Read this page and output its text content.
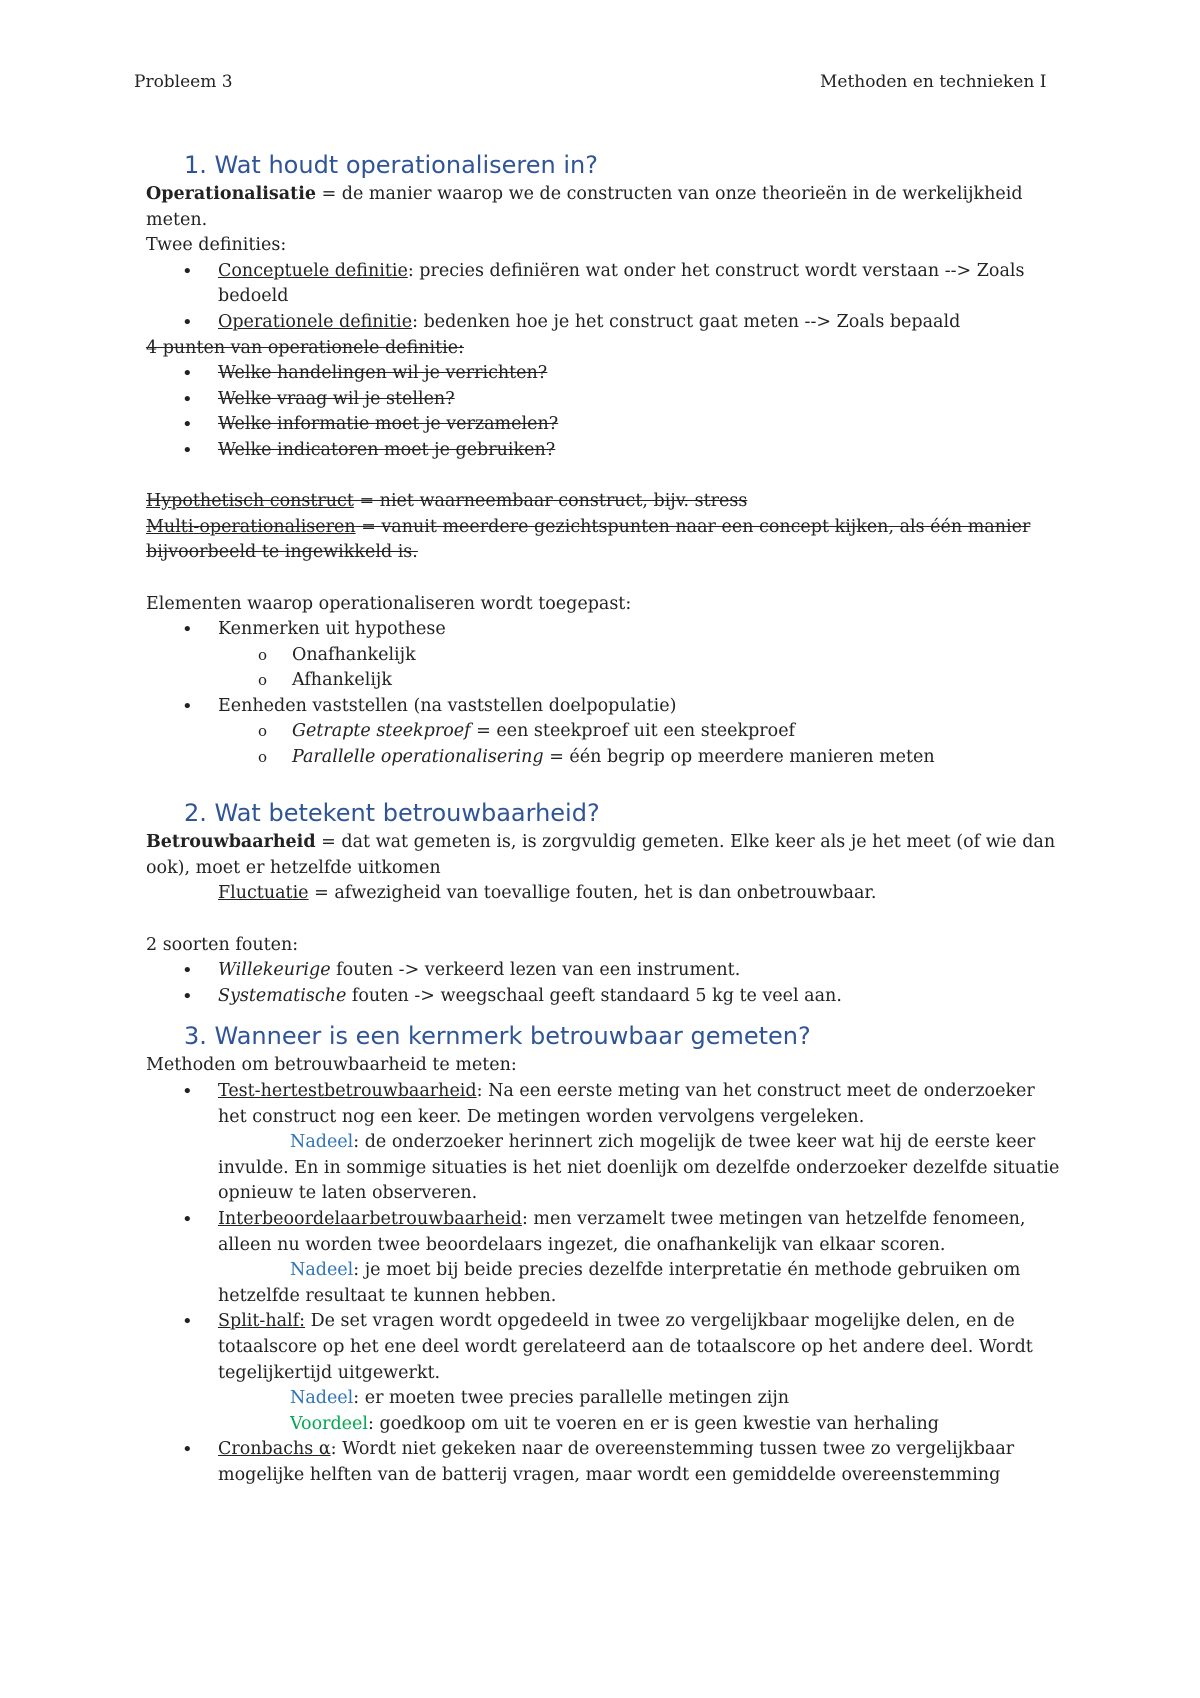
Probleem 3	Methoden en technieken I
1. Wat houdt operationaliseren in?

Operationalisatie = de manier waarop we de constructen van onze theorieën in de werkelijkheid meten.

Twee definities:

• Conceptuele definitie: precies definiëren wat onder het construct wordt verstaan --> Zoals bedoeld
• Operationele definitie: bedenken hoe je het construct gaat meten --> Zoals bepaald

4 punten van operationele definitie:

• Welke handelingen wil je verrichten?
• Welke vraag wil je stellen?
• Welke informatie moet je verzamelen?
• Welke indicatoren moet je gebruiken?

Hypothetisch construct = niet waarneembaar construct, bijv. stress

Multi-operationaliseren = vanuit meerdere gezichtspunten naar een concept kijken, als één manier bijvoorbeeld te ingewikkeld is.

Elementen waarop operationaliseren wordt toegepast:

• Kenmerken uit hypothese
o Onafhankelijk
o Afhankelijk
• Eenheden vaststellen (na vaststellen doelpopulatie)
o Getrapte steekproef = een steekproef uit een steekproef
o Parallelle operationalisering = één begrip op meerdere manieren meten
2. Wat betekent betrouwbaarheid?

Betrouwbaarheid = dat wat gemeten is, is zorgvuldig gemeten. Elke keer als je het meet (of wie dan ook), moet er hetzelfde uitkomen

Fluctuatie = afwezigheid van toevallige fouten, het is dan onbetrouwbaar.

2 soorten fouten:

• Willekeurige fouten -> verkeerd lezen van een instrument.
• Systematische fouten -> weegschaal geeft standaard 5 kg te veel aan.
3. Wanneer is een kernmerk betrouwbaar gemeten?

Methoden om betrouwbaarheid te meten:

• Test-hertestbetrouwbaarheid: Na een eerste meting van het construct meet de onderzoeker het construct nog een keer. De metingen worden vervolgens vergeleken.
Nadeel: de onderzoeker herinnert zich mogelijk de twee keer wat hij de eerste keer invulde. En in sommige situaties is het niet doenlijk om dezelfde onderzoeker dezelfde situatie opnieuw te laten observeren.
• Interbeoordelaarbetrouwbaarheid: men verzamelt twee metingen van hetzelfde fenomeen, alleen nu worden twee beoordelaars ingezet, die onafhankelijk van elkaar scoren.
Nadeel: je moet bij beide precies dezelfde interpretatie én methode gebruiken om hetzelfde resultaat te kunnen hebben.
• Split-half: De set vragen wordt opgedeeld in twee zo vergelijkbaar mogelijke delen, en de totaalscore op het ene deel wordt gerelateerd aan de totaalscore op het andere deel. Wordt tegelijkertijd uitgewerkt.
Nadeel: er moeten twee precies parallelle metingen zijn
Voordeel: goedkoop om uit te voeren en er is geen kwestie van herhaling
• Cronbachs α: Wordt niet gekeken naar de overeenstemming tussen twee zo vergelijkbaar mogelijke helften van de batterij vragen, maar wordt een gemiddelde overeenstemming
